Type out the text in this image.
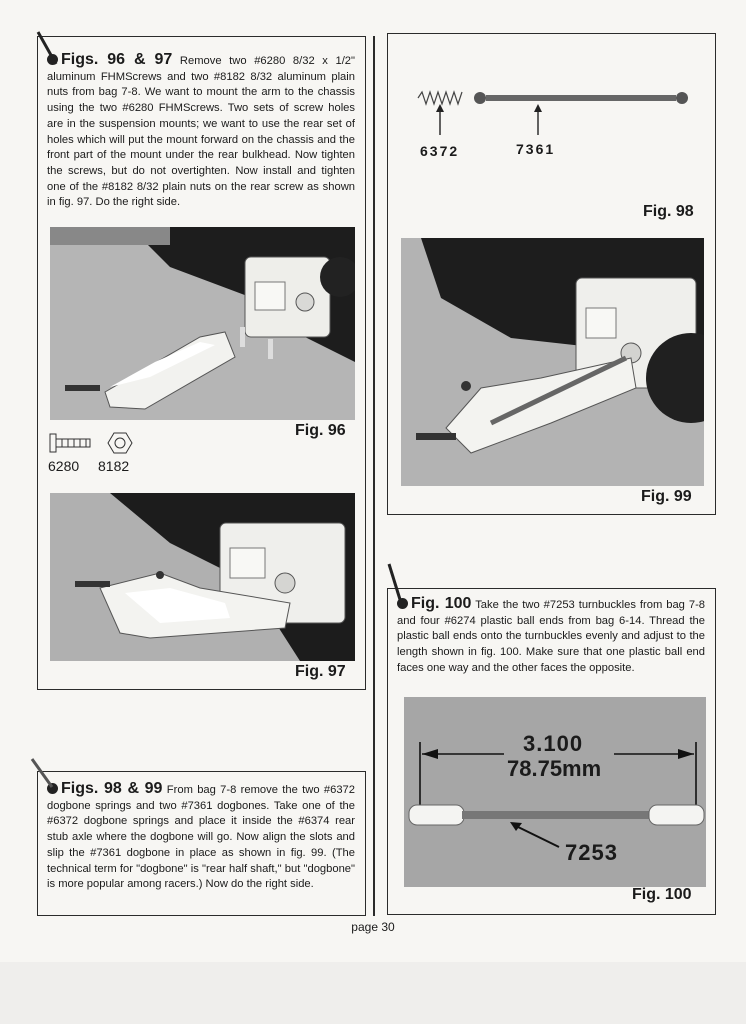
Figs. 96 & 97 Remove two #6280 8/32 x 1/2" aluminum FHMScrews and two #8182 8/32 aluminum plain nuts from bag 7-8. We want to mount the arm to the chassis using the two #6280 FHMScrews. Two sets of screw holes are in the suspension mounts; we want to use the rear set of holes which will put the mount forward on the chassis and the front part of the mount under the rear bulkhead. Now tighten the screws, but do not overtighten. Now install and tighten one of the #8182 8/32 plain nuts on the rear screw as shown in fig. 97. Do the right side.
Fig. 96
6280 8182
Fig. 97
Figs. 98 & 99 From bag 7-8 remove the two #6372 dogbone springs and two #7361 dogbones. Take one of the #6372 dogbone springs and place it inside the #6374 rear stub axle where the dogbone will go. Now align the slots and slip the #7361 dogbone in place as shown in fig. 99. (The technical term for "dogbone" is "rear half shaft," but "dogbone" is more popular among racers.) Now do the right side.
6372	7361
Fig. 98
Fig. 99
Fig. 100 Take the two #7253 turnbuckles from bag 7-8 and four #6274 plastic ball ends from bag 6-14. Thread the plastic ball ends onto the turnbuckles evenly and adjust to the length shown in fig. 100. Make sure that one plastic ball end faces one way and the other faces the opposite.
3.100
78.75mm
7253
Fig. 100
page 30
